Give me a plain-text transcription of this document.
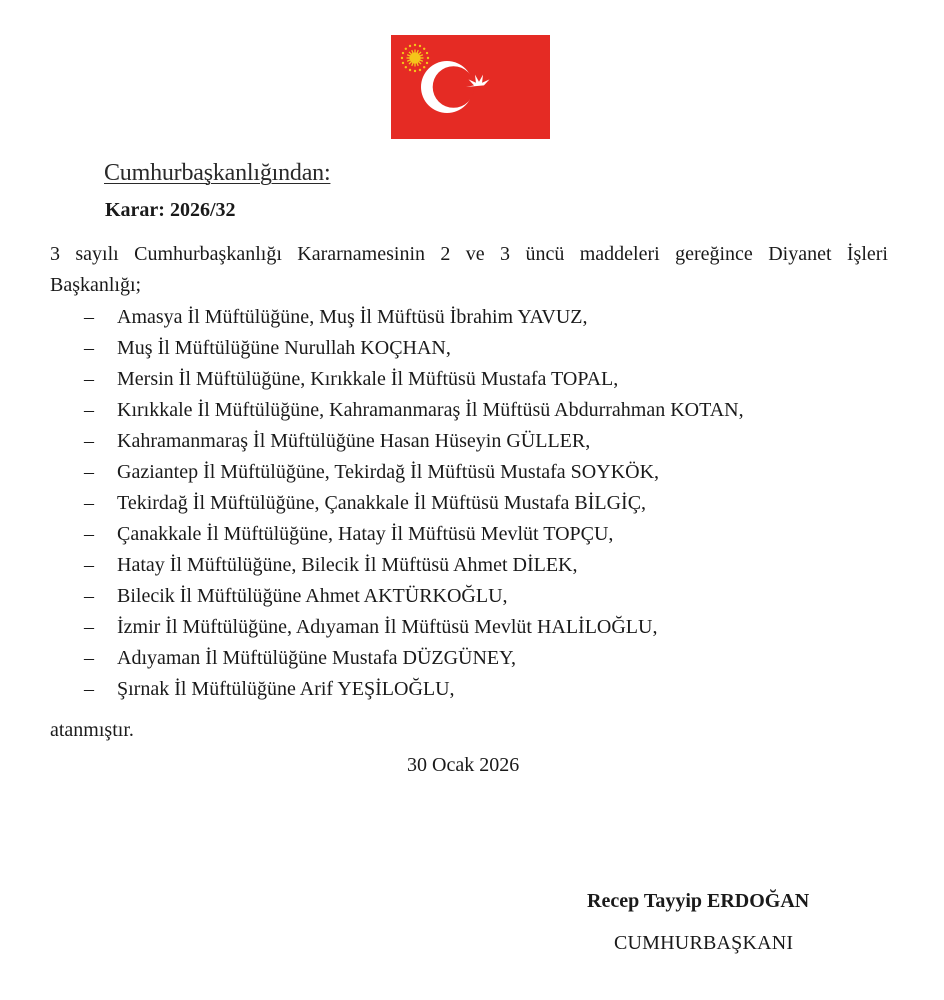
Cumhurbaşkanlığından:
Karar: 2026/32
3 sayılı Cumhurbaşkanlığı Kararnamesinin 2 ve 3 üncü maddeleri gereğince Diyanet İşleri
Başkanlığı;
– Amasya İl Müftülüğüne, Muş İl Müftüsü İbrahim YAVUZ,
– Muş İl Müftülüğüne Nurullah KOÇHAN,
– Mersin İl Müftülüğüne, Kırıkkale İl Müftüsü Mustafa TOPAL,
– Kırıkkale İl Müftülüğüne, Kahramanmaraş İl Müftüsü Abdurrahman KOTAN,
– Kahramanmaraş İl Müftülüğüne Hasan Hüseyin GÜLLER,
– Gaziantep İl Müftülüğüne, Tekirdağ İl Müftüsü Mustafa SOYKÖK,
– Tekirdağ İl Müftülüğüne, Çanakkale İl Müftüsü Mustafa BİLGİÇ,
– Çanakkale İl Müftülüğüne, Hatay İl Müftüsü Mevlüt TOPÇU,
– Hatay İl Müftülüğüne, Bilecik İl Müftüsü Ahmet DİLEK,
– Bilecik İl Müftülüğüne Ahmet AKTÜRKOĞLU,
– İzmir İl Müftülüğüne, Adıyaman İl Müftüsü Mevlüt HALİLOĞLU,
– Adıyaman İl Müftülüğüne Mustafa DÜZGÜNEY,
– Şırnak İl Müftülüğüne Arif YEŞİLOĞLU,
atanmıştır.
30 Ocak 2026
Recep Tayyip ERDOĞAN
CUMHURBAŞKANI
